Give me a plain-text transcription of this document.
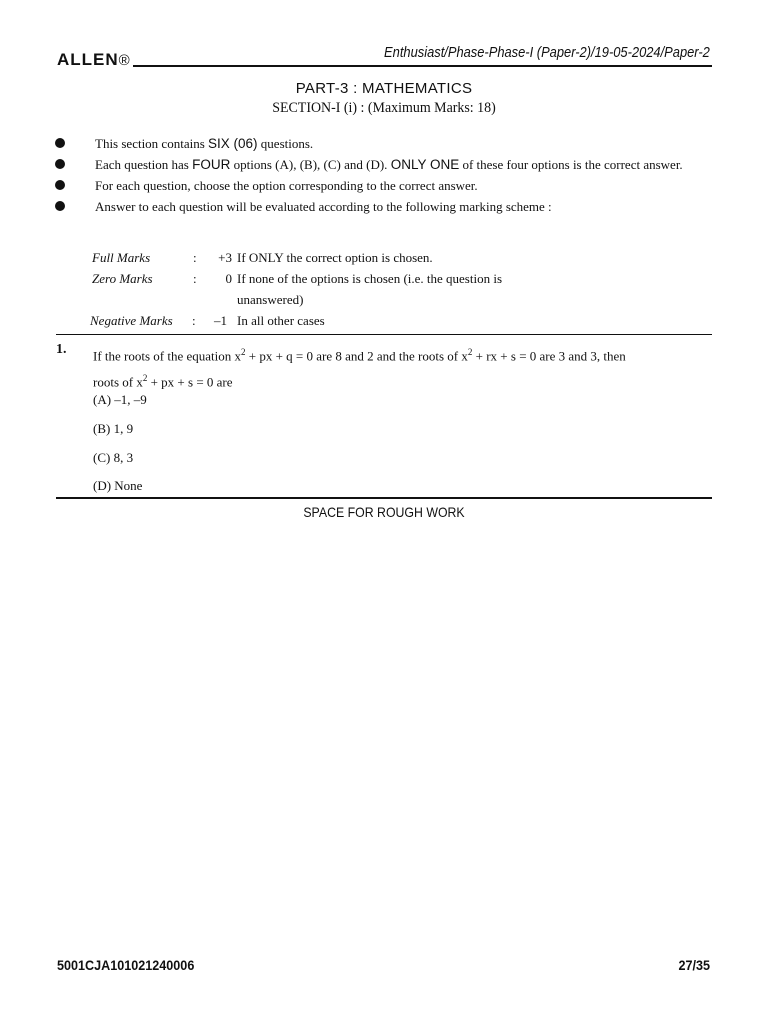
ALLEN®	Enthusiast/Phase-Phase-I (Paper-2)/19-05-2024/Paper-2
PART-3 : MATHEMATICS
SECTION-I (i) : (Maximum Marks: 18)
This section contains SIX (06) questions.
Each question has FOUR options (A), (B), (C) and (D). ONLY ONE of these four options is the correct answer.
For each question, choose the option corresponding to the correct answer.
Answer to each question will be evaluated according to the following marking scheme :
Full Marks	:	+3 If ONLY the correct option is chosen.
Zero Marks	:	0 If none of the options is chosen (i.e. the question is
unanswered)
Negative Marks :	–1 In all other cases
1. If the roots of the equation $x^2$ + px + q = 0 are 8 and 2 and the roots of $x^2$ + rx + s = 0 are 3 and 3, then
roots of $x^2$ + px + s = 0 are
(A) –1, –9
(B) 1, 9
(C) 8, 3
(D) None
SPACE FOR ROUGH WORK
5001CJA101021240006	27/35
